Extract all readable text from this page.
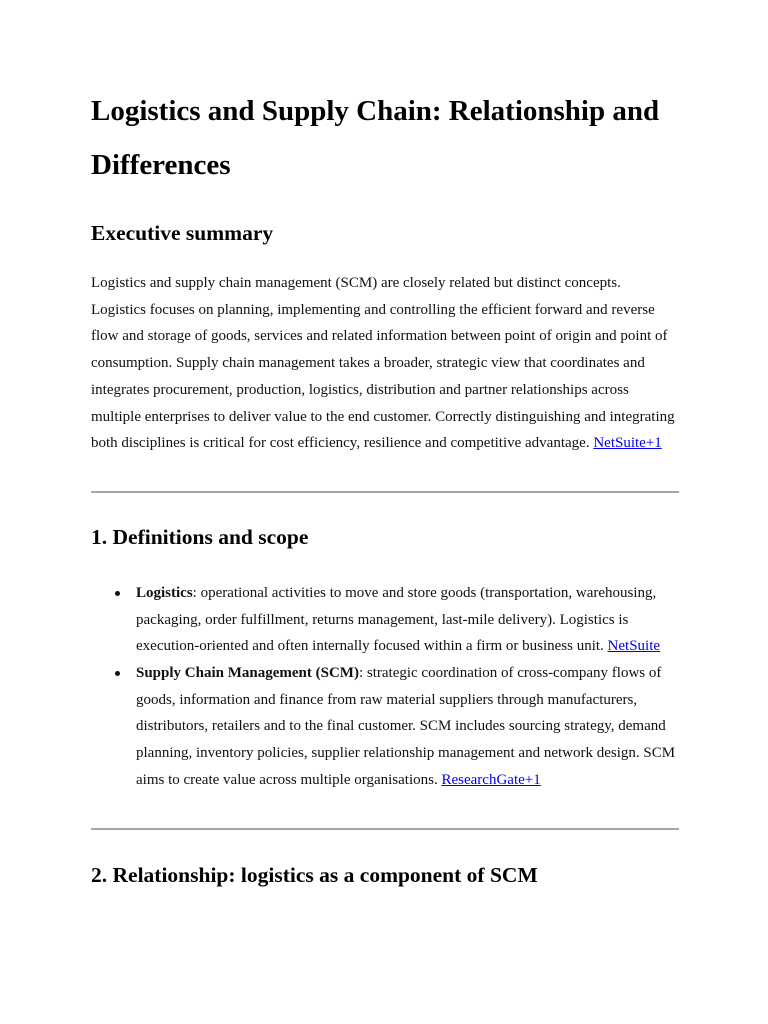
Logistics and Supply Chain: Relationship and Differences
Executive summary

Logistics and supply chain management (SCM) are closely related but distinct concepts. Logistics focuses on planning, implementing and controlling the efficient forward and reverse flow and storage of goods, services and related information between point of origin and point of consumption. Supply chain management takes a broader, strategic view that coordinates and integrates procurement, production, logistics, distribution and partner relationships across multiple enterprises to deliver value to the end customer. Correctly distinguishing and integrating both disciplines is critical for cost efficiency, resilience and competitive advantage. NetSuite+1

1. Definitions and scope
Logistics: operational activities to move and store goods (transportation, warehousing, packaging, order fulfillment, returns management, last-mile delivery). Logistics is execution-oriented and often internally focused within a firm or business unit. NetSuite
Supply Chain Management (SCM): strategic coordination of cross-company flows of goods, information and finance from raw material suppliers through manufacturers, distributors, retailers and to the final customer. SCM includes sourcing strategy, demand planning, inventory policies, supplier relationship management and network design. SCM aims to create value across multiple organisations. ResearchGate+1
2. Relationship: logistics as a component of SCM
